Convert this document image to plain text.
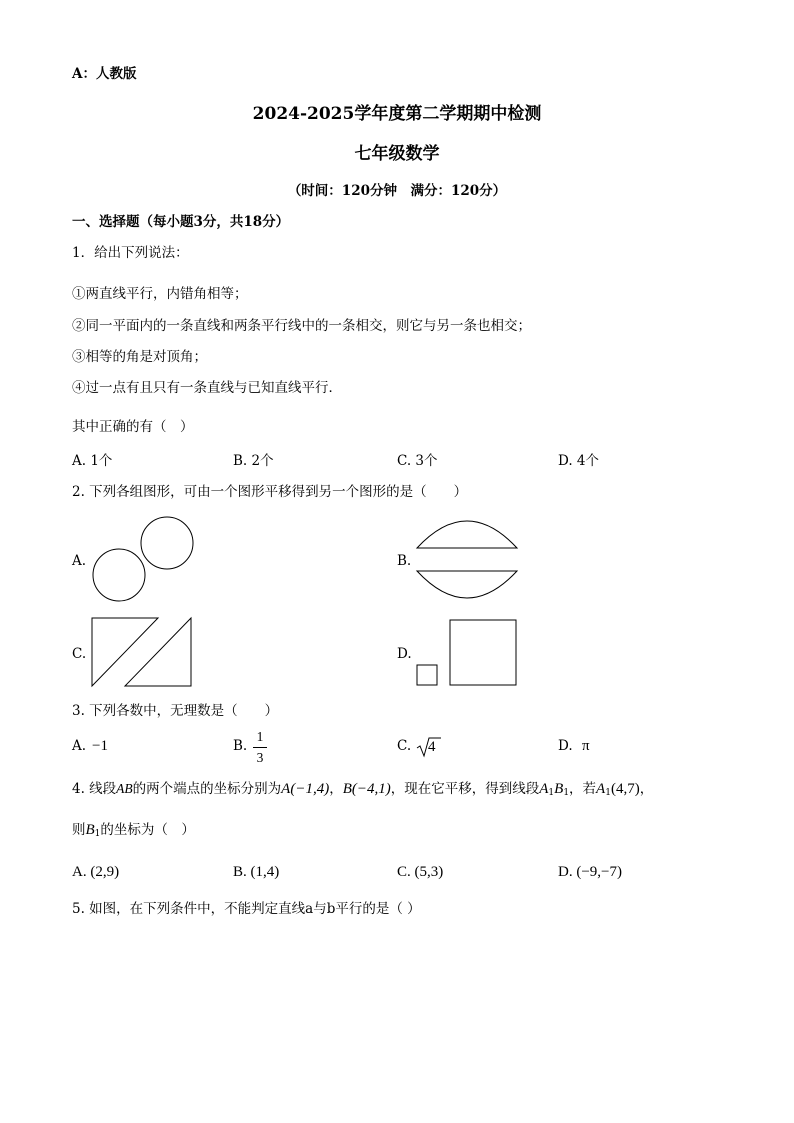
A：人教版
2024-2025学年度第二学期期中检测
七年级数学
（时间：120分钟　满分：120分）
一、选择题（每小题3分，共18分）
1．给出下列说法：
①两直线平行，内错角相等；
②同一平面内的一条直线和两条平行线中的一条相交，则它与另一条也相交；
③相等的角是对顶角；
④过一点有且只有一条直线与已知直线平行．
其中正确的有（　）
A. 1个	B. 2个	C. 3个	D. 4个
2. 下列各组图形，可由一个图形平移得到另一个图形的是（　　）
A.	B.
C.	D.
3. 下列各数中，无理数是（　　）
A. −1	B.
1
3
C. 4	D. π
4. 线段AB的两个端点的坐标分别为A(−1,4)，B(−4,1)，现在它平移，得到线段$A_1B_1$，若$A_1(4,7)$，
则$B_1$的坐标为（　）
A. (2,9)	B. (1,4)	C. (5,3)	D. (−9,−7)
5. 如图，在下列条件中，不能判定直线a与b平行的是（ ）
